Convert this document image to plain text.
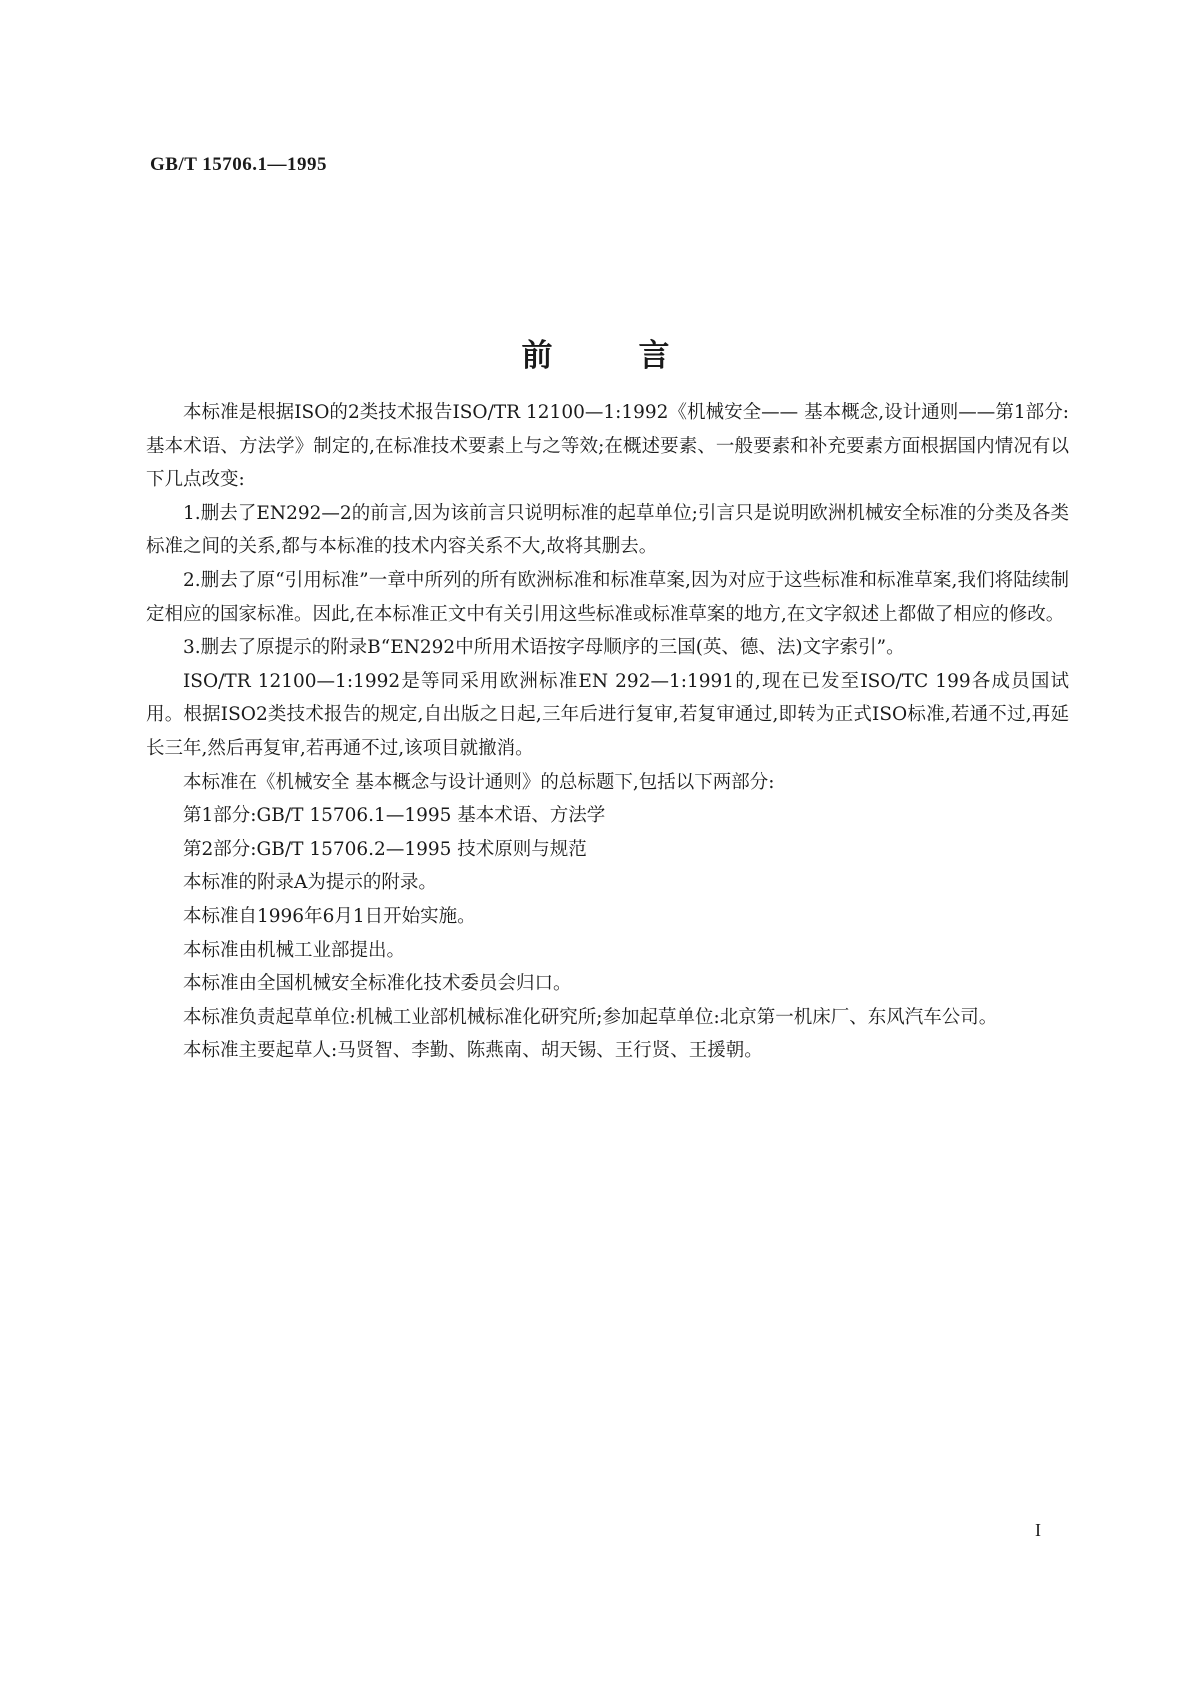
GB/T 15706.1—1995
前言

本标准是根据ISO的2类技术报告ISO/TR 12100—1:1992《机械安全—— 基本概念,设计通则——第1部分:基本术语、方法学》制定的,在标准技术要素上与之等效;在概述要素、一般要素和补充要素方面根据国内情况有以下几点改变:

1.删去了EN292—2的前言,因为该前言只说明标准的起草单位;引言只是说明欧洲机械安全标准的分类及各类标准之间的关系,都与本标准的技术内容关系不大,故将其删去。

2.删去了原“引用标准”一章中所列的所有欧洲标准和标准草案,因为对应于这些标准和标准草案,我们将陆续制定相应的国家标准。因此,在本标准正文中有关引用这些标准或标准草案的地方,在文字叙述上都做了相应的修改。

3.删去了原提示的附录B“EN292中所用术语按字母顺序的三国(英、德、法)文字索引”。

ISO/TR 12100—1:1992是等同采用欧洲标准EN 292—1:1991的,现在已发至ISO/TC 199各成员国试用。根据ISO2类技术报告的规定,自出版之日起,三年后进行复审,若复审通过,即转为正式ISO标准,若通不过,再延长三年,然后再复审,若再通不过,该项目就撤消。

本标准在《机械安全 基本概念与设计通则》的总标题下,包括以下两部分:

第1部分:GB/T 15706.1—1995 基本术语、方法学

第2部分:GB/T 15706.2—1995 技术原则与规范

本标准的附录A为提示的附录。

本标准自1996年6月1日开始实施。

本标准由机械工业部提出。

本标准由全国机械安全标准化技术委员会归口。

本标准负责起草单位:机械工业部机械标准化研究所;参加起草单位:北京第一机床厂、东风汽车公司。

本标准主要起草人:马贤智、李勤、陈燕南、胡天锡、王行贤、王援朝。

I
